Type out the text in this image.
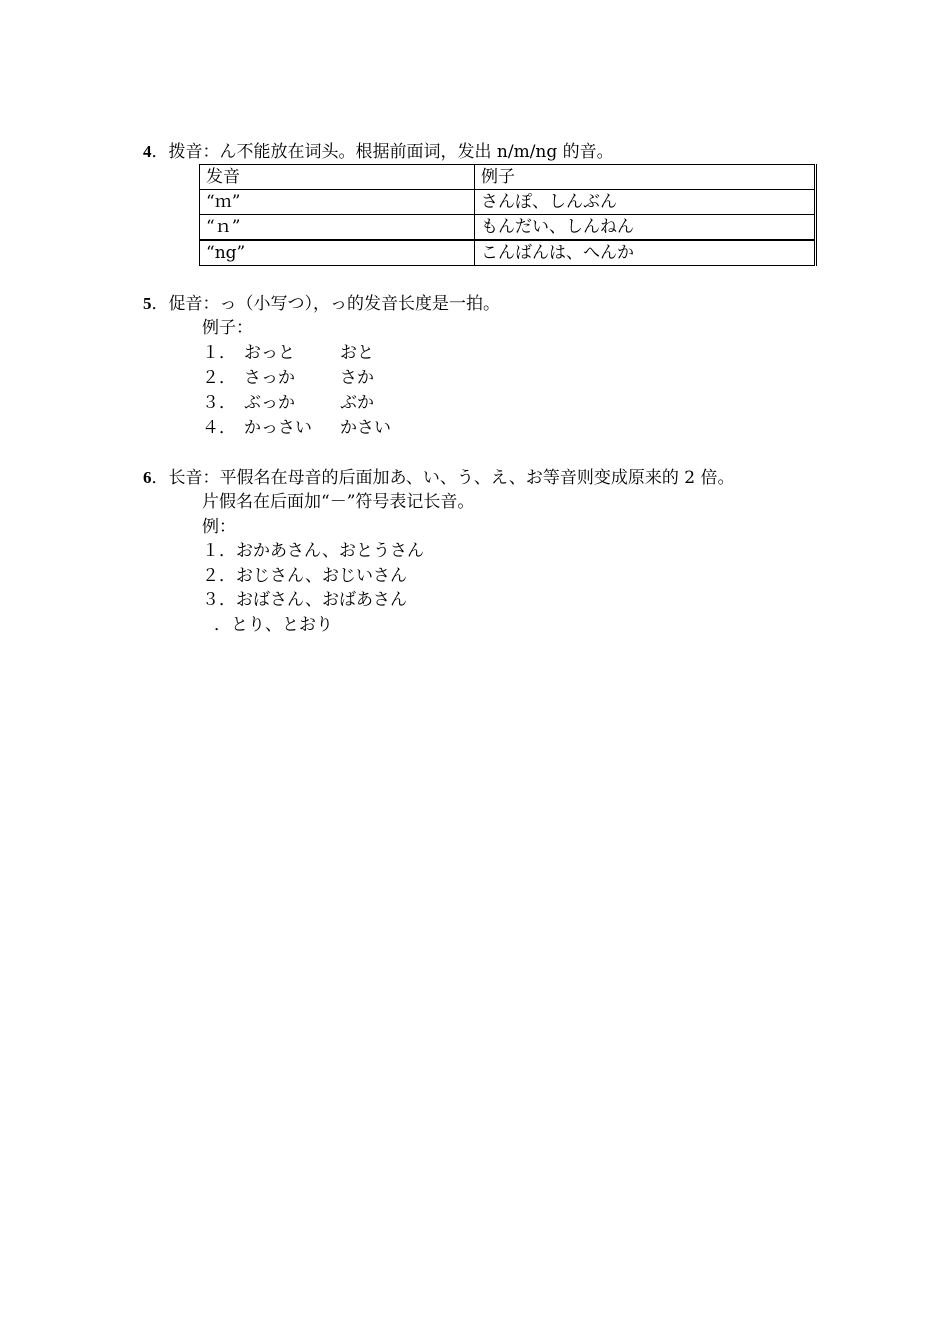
4．拨音：ん不能放在词头。根据前面词，发出 n/m/ng 的音。
发音	例子
“ｍ”	さんぽ、しんぶん
“ｎ”	もんだい、しんねん
“ng”	こんばんは、へんか
5．促音：っ（小写つ），っ的发音长度是一拍。
例子：
１． おっと	おと
２． さっか	さか
３． ぶっか	ぶか
４． かっさい	かさい
6．长音：平假名在母音的后面加あ、い、う、え、お等音则变成原来的 2 倍。
片假名在后面加“－”符号表记长音。
例：
１．おかあさん、おとうさん
２．おじさん、おじいさん
３．おばさん、おばあさん
．とり、とおり
